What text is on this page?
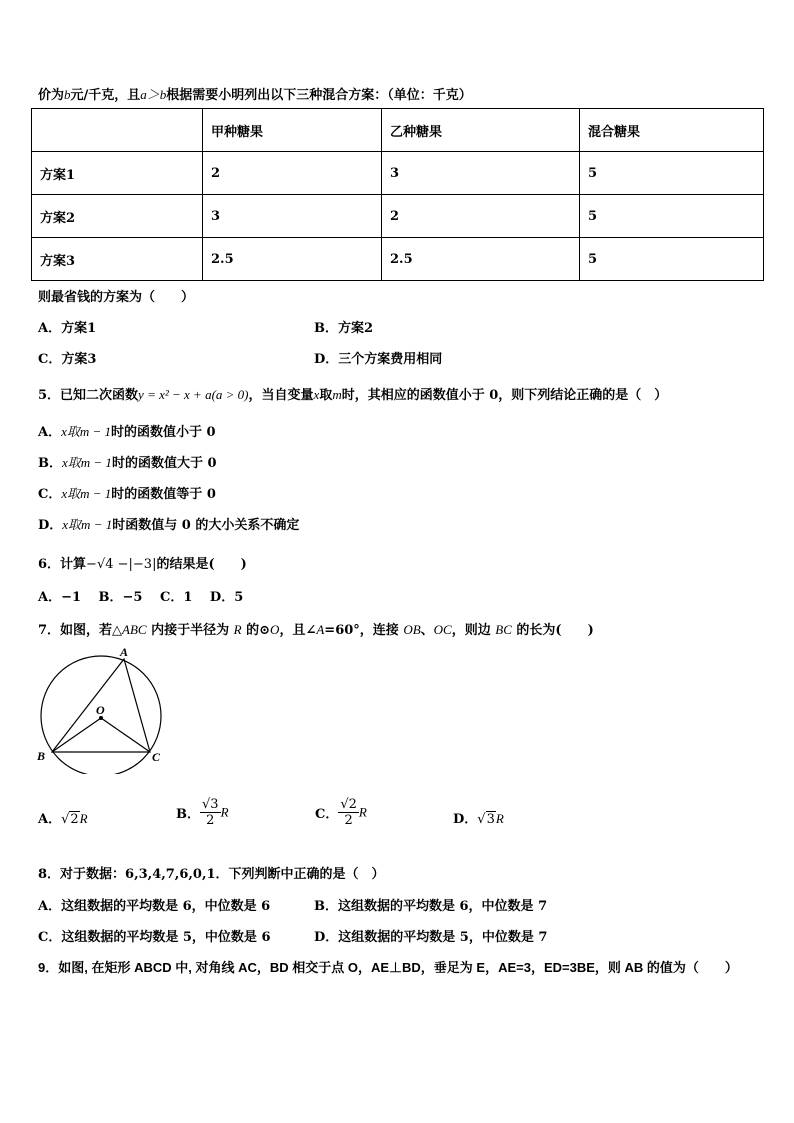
价为b元/千克，且a＞b根据需要小明列出以下三种混合方案：（单位：千克）
	甲种糖果	乙种糖果	混合糖果
方案1	2	3	5
方案2	3	2	5
方案3	2.5	2.5	5
则最省钱的方案为（　　）
A．方案1	B．方案2
C．方案3	D．三个方案费用相同
5．已知二次函数y = x² − x + a(a > 0)，当自变量x取m时，其相应的函数值小于 0，则下列结论正确的是（　）
A．x取m − 1时的函数值小于 0
B．x取m − 1时的函数值大于 0
C．x取m − 1时的函数值等于 0
D．x取m − 1时函数值与 0 的大小关系不确定
6．计算−√4 −|−3|的结果是(　　)
A．−1　 B．−5　 C．1　 D．5
7．如图，若△ABC 内接于半径为 R 的⊙O，且∠A=60°，连接 OB、OC，则边 BC 的长为(　　)
A
B	C
O
A．√2R	B． $\frac{√3}{2}$ R	C． $\frac{√2}{2}$ R	D．√3R
8．对于数据：6,3,4,7,6,0,1．下列判断中正确的是（　）
A．这组数据的平均数是 6，中位数是 6	B．这组数据的平均数是 6，中位数是 7
C．这组数据的平均数是 5，中位数是 6	D．这组数据的平均数是 5，中位数是 7
9．如图, 在矩形 ABCD 中, 对角线 AC，BD 相交于点 O，AE⊥BD，垂足为 E，AE=3，ED=3BE，则 AB 的值为（　　）
